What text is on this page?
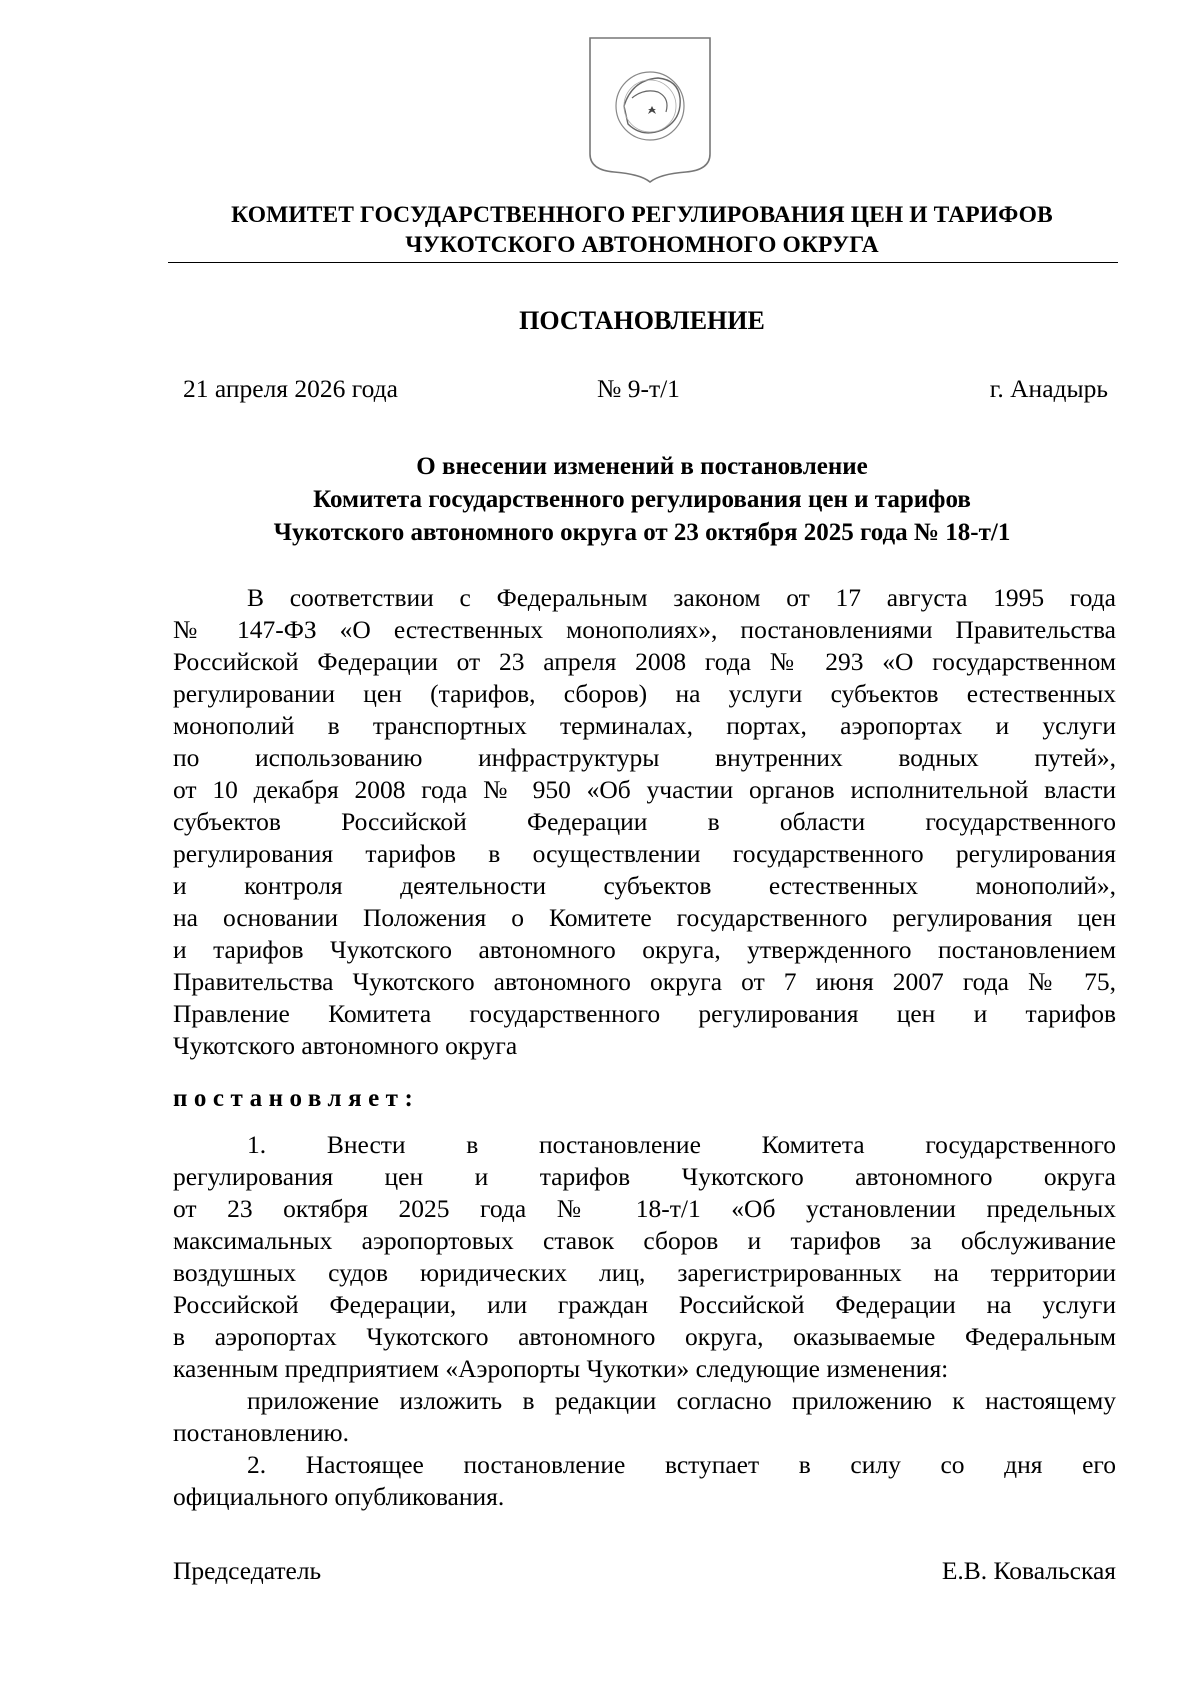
КОМИТЕТ ГОСУДАРСТВЕННОГО РЕГУЛИРОВАНИЯ ЦЕН И ТАРИФОВ
ЧУКОТСКОГО АВТОНОМНОГО ОКРУГА
ПОСТАНОВЛЕНИЕ
21 апреля 2026 года	№ 9-т/1	г. Анадырь
О внесении изменений в постановление
Комитета государственного регулирования цен и тарифов
Чукотского автономного округа от 23 октября 2025 года № 18-т/1
В соответствии с Федеральным законом от 17 августа 1995 года
№ 147-ФЗ «О естественных монополиях», постановлениями Правительства
Российской Федерации от 23 апреля 2008 года № 293 «О государственном
регулировании цен (тарифов, сборов) на услуги субъектов естественных
монополий в транспортных терминалах, портах, аэропортах и услуги
по использованию инфраструктуры внутренних водных путей»,
от 10 декабря 2008 года № 950 «Об участии органов исполнительной власти
субъектов Российской Федерации в области государственного
регулирования тарифов в осуществлении государственного регулирования
и контроля деятельности субъектов естественных монополий»,
на основании Положения о Комитете государственного регулирования цен
и тарифов Чукотского автономного округа, утвержденного постановлением
Правительства Чукотского автономного округа от 7 июня 2007 года № 75,
Правление Комитета государственного регулирования цен и тарифов
Чукотского автономного округа
постановляет:
1. Внести в постановление Комитета государственного
регулирования цен и тарифов Чукотского автономного округа
от 23 октября 2025 года № 18-т/1 «Об установлении предельных
максимальных аэропортовых ставок сборов и тарифов за обслуживание
воздушных судов юридических лиц, зарегистрированных на территории
Российской Федерации, или граждан Российской Федерации на услуги
в аэропортах Чукотского автономного округа, оказываемые Федеральным
казенным предприятием «Аэропорты Чукотки» следующие изменения:
приложение изложить в редакции согласно приложению к настоящему
постановлению.
2. Настоящее постановление вступает в силу со дня его
официального опубликования.
Председатель	Е.В. Ковальская
